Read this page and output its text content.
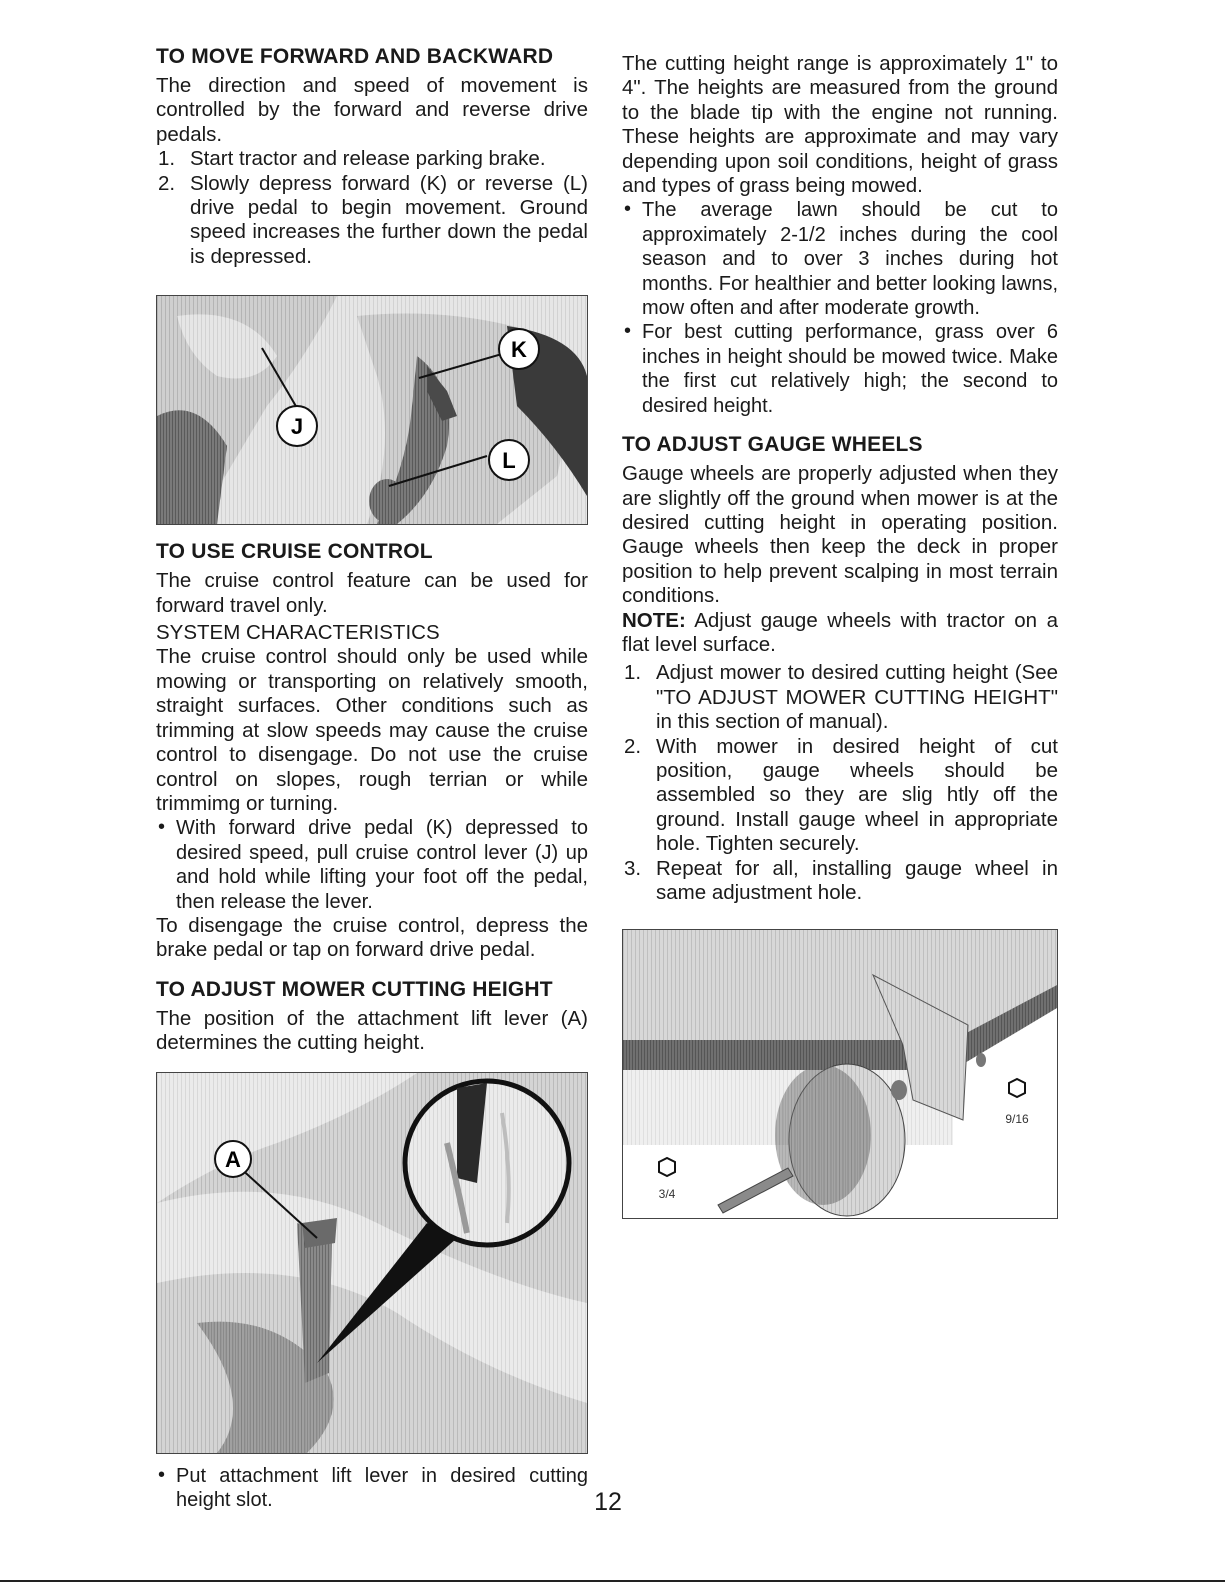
TO MOVE FORWARD AND BACKWARD

The direction and speed of movement is controlled by the forward and reverse drive pedals.

1. Start tractor and release parking brake.
2. Slowly depress forward (K) or reverse (L) drive pedal to begin movement. Ground speed increases the further down the pedal is depressed.
K
J
L
TO USE CRUISE CONTROL

The cruise control feature can be used for forward travel only.

SYSTEM CHARACTERISTICS

The cruise control should only be used while mowing or transporting on relatively smooth, straight surfaces. Other conditions such as trimming at slow speeds may cause the cruise control to disengage. Do not use the cruise control on slopes, rough terrian or while trimmimg or turning.

• With forward drive pedal (K) depressed to desired speed, pull cruise control lever (J) up and hold while lifting your foot off the pedal, then release the lever.

To disengage the cruise control, depress the brake pedal or tap on forward drive pedal.

TO ADJUST MOWER CUTTING HEIGHT

The position of the attachment lift lever (A) determines the cutting height.

A
• Put attachment lift lever in desired cutting height slot.

The cutting height range is approximately 1" to 4". The heights are measured from the ground to the blade tip with the engine not running. These heights are approximate and may vary depending upon soil conditions, height of grass and types of grass being mowed.

• The average lawn should be cut to approximately 2-1/2 inches during the cool season and to over 3 inches during hot months. For healthier and better looking lawns, mow often and after moderate growth.
• For best cutting performance, grass over 6 inches in height should be mowed twice. Make the first cut relatively high; the second to desired height.
TO ADJUST GAUGE WHEELS

Gauge wheels are properly adjusted when they are slightly off the ground when mower is at the desired cutting height in operating position. Gauge wheels then keep the deck in proper position to help prevent scalping in most terrain conditions.

NOTE: Adjust gauge wheels with tractor on a flat level surface.

1. Adjust mower to desired cutting height (See "TO ADJUST MOWER CUTTING HEIGHT" in this section of manual).
2. With mower in desired height of cut position, gauge wheels should be assembled so they are slig htly off the ground. Install gauge wheel in appropriate hole. Tighten securely.
3. Repeat for all, installing gauge wheel in same adjustment hole.
3/4
9/16
12
